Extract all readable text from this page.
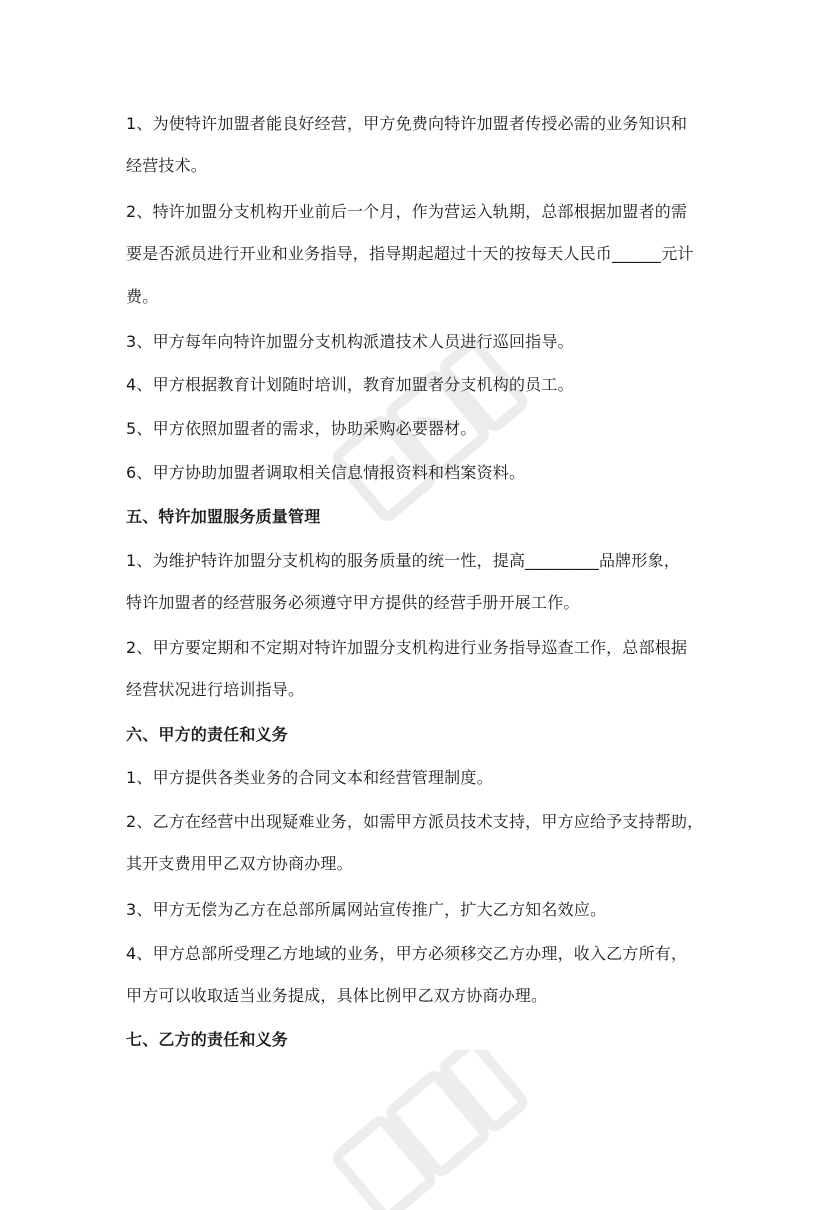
1、为使特许加盟者能良好经营，甲方免费向特许加盟者传授必需的业务知识和
经营技术。
2、特许加盟分支机构开业前后一个月，作为营运入轨期，总部根据加盟者的需
要是否派员进行开业和业务指导，指导期起超过十天的按每天人民币______元计
费。
3、甲方每年向特许加盟分支机构派遣技术人员进行巡回指导。
4、甲方根据教育计划随时培训，教育加盟者分支机构的员工。
5、甲方依照加盟者的需求，协助采购必要器材。
6、甲方协助加盟者调取相关信息情报资料和档案资料。
五、特许加盟服务质量管理
1、为维护特许加盟分支机构的服务质量的统一性，提高_________品牌形象，
特许加盟者的经营服务必须遵守甲方提供的经营手册开展工作。
2、甲方要定期和不定期对特许加盟分支机构进行业务指导巡查工作，总部根据
经营状况进行培训指导。
六、甲方的责任和义务
1、甲方提供各类业务的合同文本和经营管理制度。
2、乙方在经营中出现疑难业务，如需甲方派员技术支持，甲方应给予支持帮助，
其开支费用甲乙双方协商办理。
3、甲方无偿为乙方在总部所属网站宣传推广，扩大乙方知名效应。
4、甲方总部所受理乙方地域的业务，甲方必须移交乙方办理，收入乙方所有，
甲方可以收取适当业务提成，具体比例甲乙双方协商办理。
七、乙方的责任和义务
